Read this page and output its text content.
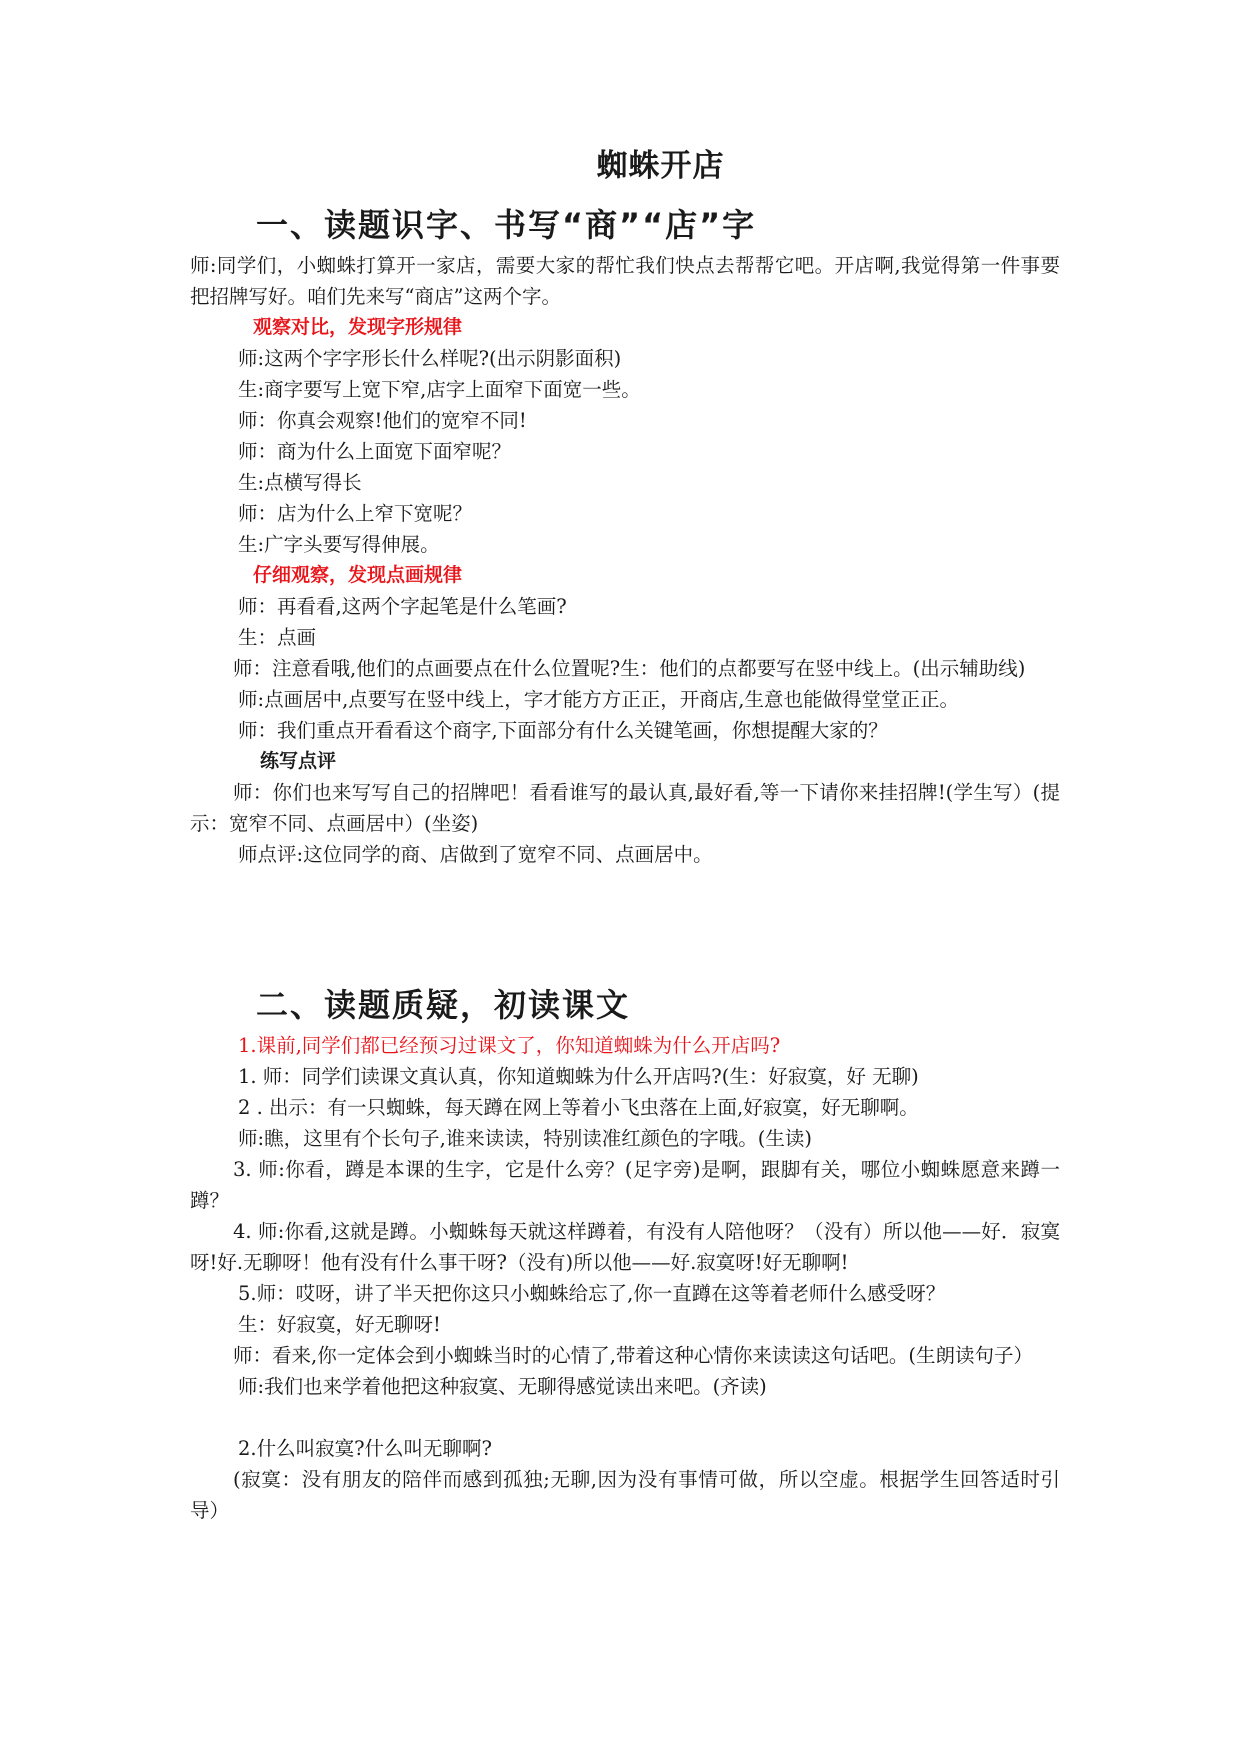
蜘蛛开店
一、读题识字、书写“商”“店”字

师:同学们，小蜘蛛打算开一家店，需要大家的帮忙我们快点去帮帮它吧。开店啊,我觉得第一件事要把招牌写好。咱们先来写“商店”这两个字。

观察对比，发现字形规律

师:这两个字字形长什么样呢?(出示阴影面积)

生:商字要写上宽下窄,店字上面窄下面宽一些。

师：你真会观察!他们的宽窄不同!

师：商为什么上面宽下面窄呢？

生:点横写得长

师：店为什么上窄下宽呢？

生:广字头要写得伸展。

仔细观察，发现点画规律

师：再看看,这两个字起笔是什么笔画?

生：点画

师：注意看哦,他们的点画要点在什么位置呢?生：他们的点都要写在竖中线上。(出示辅助线)

师:点画居中,点要写在竖中线上，字才能方方正正，开商店,生意也能做得堂堂正正。

师：我们重点开看看这个商字,下面部分有什么关键笔画，你想提醒大家的？

练写点评

师：你们也来写写自己的招牌吧！看看谁写的最认真,最好看,等一下请你来挂招牌!(学生写）(提示：宽窄不同、点画居中）(坐姿)

师点评:这位同学的商、店做到了宽窄不同、点画居中。

二、读题质疑，初读课文

1.课前,同学们都已经预习过课文了，你知道蜘蛛为什么开店吗?

1. 师：同学们读课文真认真，你知道蜘蛛为什么开店吗?(生：好寂寞，好 无聊)

2 . 出示：有一只蜘蛛，每天蹲在网上等着小飞虫落在上面,好寂寞，好无聊啊。

师:瞧，这里有个长句子,谁来读读，特别读准红颜色的字哦。(生读)

3. 师:你看，蹲是本课的生字，它是什么旁？(足字旁)是啊，跟脚有关，哪位小蜘蛛愿意来蹲一蹲？

4. 师:你看,这就是蹲。小蜘蛛每天就这样蹲着，有没有人陪他呀？（没有）所以他——好．寂寞呀!好.无聊呀！他有没有什么事干呀?（没有)所以他——好.寂寞呀!好无聊啊!

5.师：哎呀，讲了半天把你这只小蜘蛛给忘了,你一直蹲在这等着老师什么感受呀？

生：好寂寞，好无聊呀!

师：看来,你一定体会到小蜘蛛当时的心情了,带着这种心情你来读读这句话吧。(生朗读句子）

师:我们也来学着他把这种寂寞、无聊得感觉读出来吧。(齐读)

2.什么叫寂寞?什么叫无聊啊?

(寂寞：没有朋友的陪伴而感到孤独;无聊,因为没有事情可做，所以空虚。根据学生回答适时引导）
